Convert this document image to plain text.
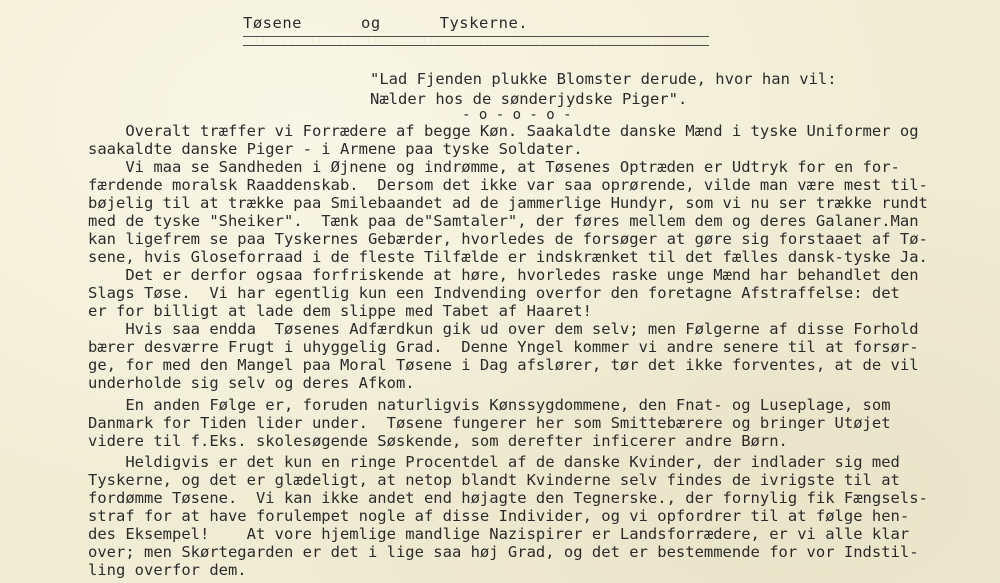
Tøsene      og      Tyskerne.
"Lad Fjenden plukke Blomster derude, hvor han vil:
Nælder hos de sønderjydske Piger".
- o - o - o -
Overalt træffer vi Forrædere af begge Køn. Saakaldte danske Mænd i tyske Uniformer og
saakaldte danske Piger - i Armene paa tyske Soldater.
Vi maa se Sandheden i Øjnene og indrømme, at Tøsenes Optræden er Udtryk for en for-
færdende moralsk Raaddenskab.  Dersom det ikke var saa oprørende, vilde man være mest til-
bøjelig til at trække paa Smilebaandet ad de jammerlige Hundyr, som vi nu ser trække rundt
med de tyske "Sheiker".  Tænk paa de"Samtaler", der føres mellem dem og deres Galaner.Man
kan ligefrem se paa Tyskernes Gebærder, hvorledes de forsøger at gøre sig forstaaet af Tø-
sene, hvis Gloseforraad i de fleste Tilfælde er indskrænket til det fælles dansk-tyske Ja.
Det er derfor ogsaa forfriskende at høre, hvorledes raske unge Mænd har behandlet den
Slags Tøse.  Vi har egentlig kun een Indvending overfor den foretagne Afstraffelse: det
er for billigt at lade dem slippe med Tabet af Haaret!
Hvis saa endda  Tøsenes Adfærdkun gik ud over dem selv; men Følgerne af disse Forhold
bærer desværre Frugt i uhyggelig Grad.  Denne Yngel kommer vi andre senere til at forsør-
ge, for med den Mangel paa Moral Tøsene i Dag afslører, tør det ikke forventes, at de vil
underholde sig selv og deres Afkom.
En anden Følge er, foruden naturligvis Kønssygdommene, den Fnat- og Luseplage, som
Danmark for Tiden lider under.  Tøsene fungerer her som Smittebærere og bringer Utøjet
videre til f.Eks. skolesøgende Søskende, som derefter inficerer andre Børn.
Heldigvis er det kun en ringe Procentdel af de danske Kvinder, der indlader sig med
Tyskerne, og det er glædeligt, at netop blandt Kvinderne selv findes de ivrigste til at
fordømme Tøsene.  Vi kan ikke andet end højagte den Tegnerske., der fornylig fik Fængsels-
straf for at have forulempet nogle af disse Individer, og vi opfordrer til at følge hen-
des Eksempel!    At vore hjemlige mandlige Nazispirer er Landsforrædere, er vi alle klar
over; men Skørtegarden er det i lige saa høj Grad, og det er bestemmende for vor Indstil-
ling overfor dem.
